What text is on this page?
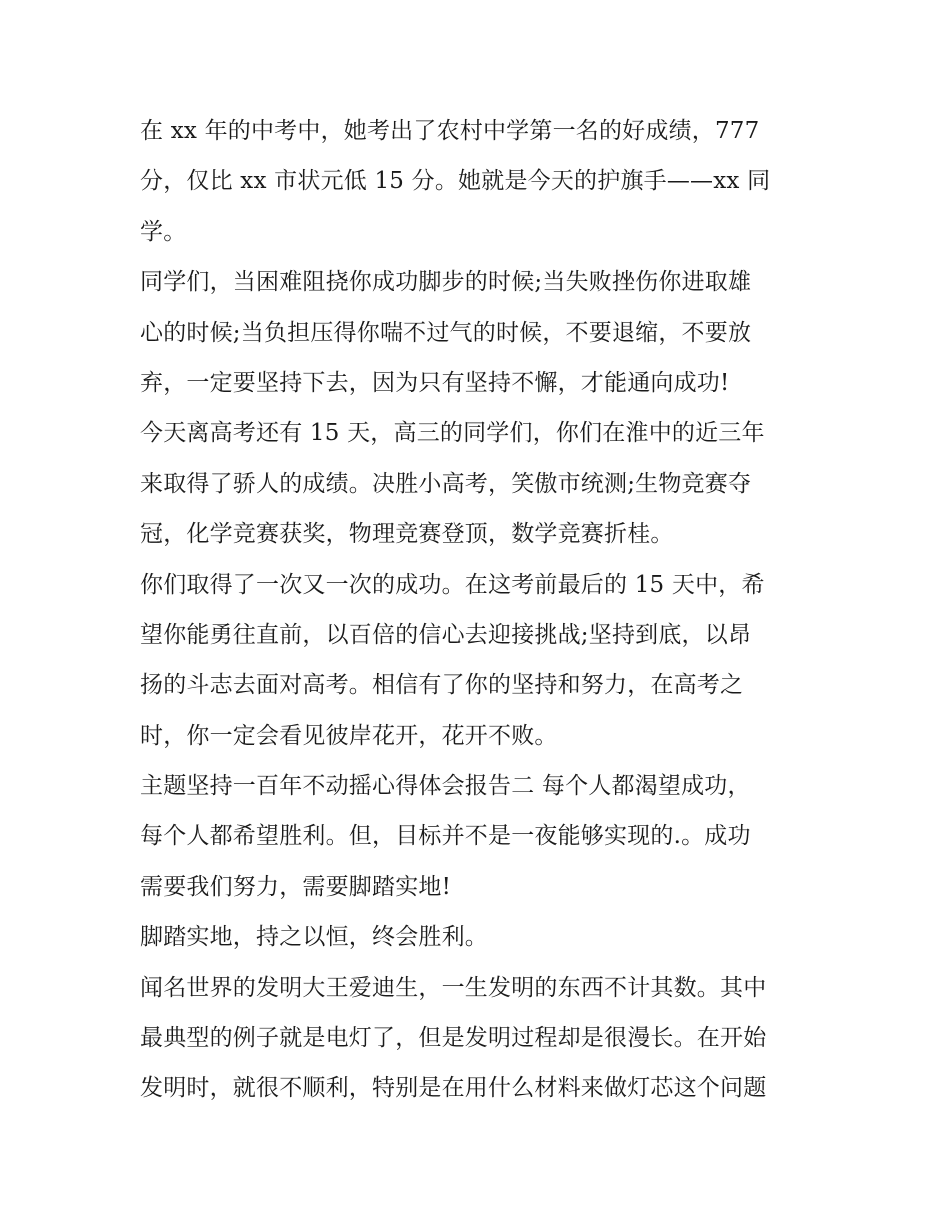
在 xx 年的中考中，她考出了农村中学第一名的好成绩，777
分，仅比 xx 市状元低 15 分。她就是今天的护旗手——xx 同
学。
同学们，当困难阻挠你成功脚步的时候;当失败挫伤你进取雄
心的时候;当负担压得你喘不过气的时候，不要退缩，不要放
弃，一定要坚持下去，因为只有坚持不懈，才能通向成功!
今天离高考还有 15 天，高三的同学们，你们在淮中的近三年
来取得了骄人的成绩。决胜小高考，笑傲市统测;生物竞赛夺
冠，化学竞赛获奖，物理竞赛登顶，数学竞赛折桂。
你们取得了一次又一次的成功。在这考前最后的 15 天中，希
望你能勇往直前，以百倍的信心去迎接挑战;坚持到底，以昂
扬的斗志去面对高考。相信有了你的坚持和努力，在高考之
时，你一定会看见彼岸花开，花开不败。
主题坚持一百年不动摇心得体会报告二 每个人都渴望成功，
每个人都希望胜利。但，目标并不是一夜能够实现的.。成功
需要我们努力，需要脚踏实地!
脚踏实地，持之以恒，终会胜利。
闻名世界的发明大王爱迪生，一生发明的东西不计其数。其中
最典型的例子就是电灯了，但是发明过程却是很漫长。在开始
发明时，就很不顺利，特别是在用什么材料来做灯芯这个问题
